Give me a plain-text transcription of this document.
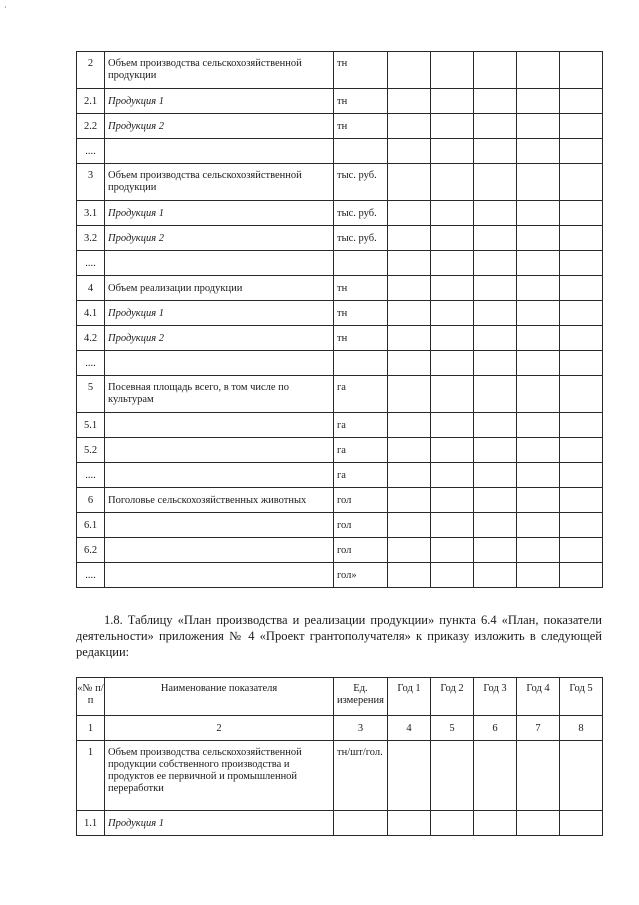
·
2	Объем производства сельскохозяйственной продукции	тн					
2.1	Продукция 1	тн					
2.2	Продукция 2	тн					
....							
3	Объем производства сельскохозяйственной продукции	тыс. руб.					
3.1	Продукция 1	тыс. руб.					
3.2	Продукция 2	тыс. руб.					
....							
4	Объем реализации продукции	тн					
4.1	Продукция 1	тн					
4.2	Продукция 2	тн					
....							
5	Посевная площадь всего, в том числе по культурам	га					
5.1		га					
5.2		га					
....		га					
6	Поголовье сельскохозяйственных животных	гол					
6.1		гол					
6.2		гол					
....		гол»					

1.8. Таблицу «План производства и реализации продукции» пункта 6.4 «План, показатели деятельности» приложения № 4 «Проект грантополучателя» к приказу изложить в следующей редакции:

«№ п/п	Наименование показателя	Ед. измерения	Год 1	Год 2	Год 3	Год 4	Год 5
1	2	3	4	5	6	7	8
1	Объем производства сельскохозяйственной продукции собственного производства и продуктов ее первичной и промышленной переработки	тн/шт/гол.					
1.1	Продукция 1						
